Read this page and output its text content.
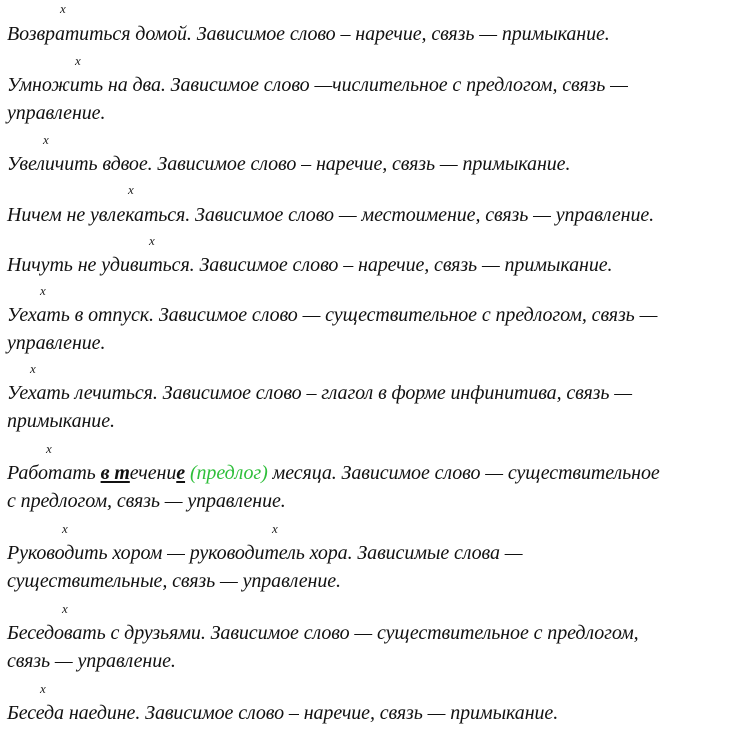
x
Возвратиться домой. Зависимое слово – наречие, связь — примыкание.
x
Умножить на два. Зависимое слово —числительное с предлогом, связь —
управление.
x
Увеличить вдвое. Зависимое слово – наречие, связь — примыкание.
x
Ничем не увлекаться. Зависимое слово — местоимение, связь — управление.
x
Ничуть не удивиться. Зависимое слово – наречие, связь — примыкание.
x
Уехать в отпуск. Зависимое слово — существительное с предлогом, связь —
управление.
x
Уехать лечиться. Зависимое слово – глагол в форме инфинитива, связь —
примыкание.
x
Работать в течение (предлог) месяца. Зависимое слово — существительное
с предлогом, связь — управление.
x	x
Руководить хором — руководитель хора. Зависимые слова —
существительные, связь — управление.
x
Беседовать с друзьями. Зависимое слово — существительное с предлогом,
связь — управление.
x
Беседа наедине. Зависимое слово – наречие, связь — примыкание.
